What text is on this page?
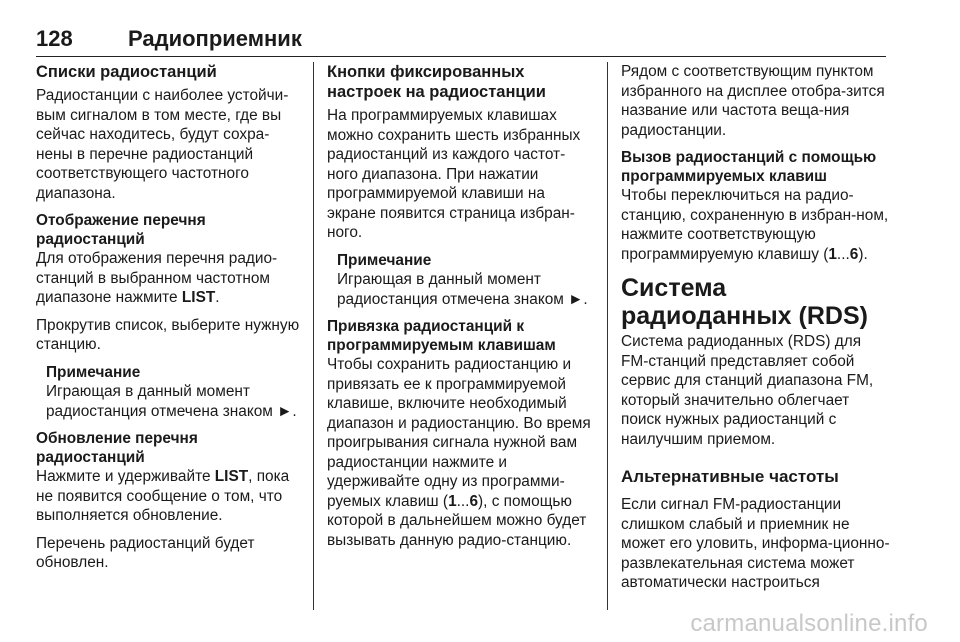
128	Радиоприемник
Списки радиостанций

Радиостанции с наиболее устойчи-вым сигналом в том месте, где вы сейчас находитесь, будут сохра-нены в перечне радиостанций соответствующего частотного диапазона.

Отображение перечня радиостанций

Для отображения перечня радио-станций в выбранном частотном диапазоне нажмите LIST.

Прокрутив список, выберите нужную станцию.

Примечание
Играющая в данный момент радиостанция отмечена знаком ►.
Обновление перечня радиостанций

Нажмите и удерживайте LIST, пока не появится сообщение о том, что выполняется обновление.

Перечень радиостанций будет обновлен.

Кнопки фиксированных настроек на радиостанции

На программируемых клавишах можно сохранить шесть избранных радиостанций из каждого частот-ного диапазона. При нажатии программируемой клавиши на экране появится страница избран-ного.

Примечание
Играющая в данный момент радиостанция отмечена знаком ►.
Привязка радиостанций к программируемым клавишам

Чтобы сохранить радиостанцию и привязать ее к программируемой клавише, включите необходимый диапазон и радиостанцию. Во время проигрывания сигнала нужной вам радиостанции нажмите и удерживайте одну из программи-руемых клавиш (1...6), с помощью которой в дальнейшем можно будет вызывать данную радио-станцию.

Рядом с соответствующим пунктом избранного на дисплее отобра-зится название или частота веща-ния радиостанции.

Вызов радиостанций с помощью программируемых клавиш

Чтобы переключиться на радио-станцию, сохраненную в избран-ном, нажмите соответствующую программируемую клавишу (1...6).

Система радиоданных (RDS)

Система радиоданных (RDS) для FM-станций представляет собой сервис для станций диапазона FM, который значительно облегчает поиск нужных радиостанций с наилучшим приемом.

Альтернативные частоты

Если сигнал FM-радиостанции слишком слабый и приемник не может его уловить, информа-ционно-развлекательная система может автоматически настроиться

carmanualsonline.info
